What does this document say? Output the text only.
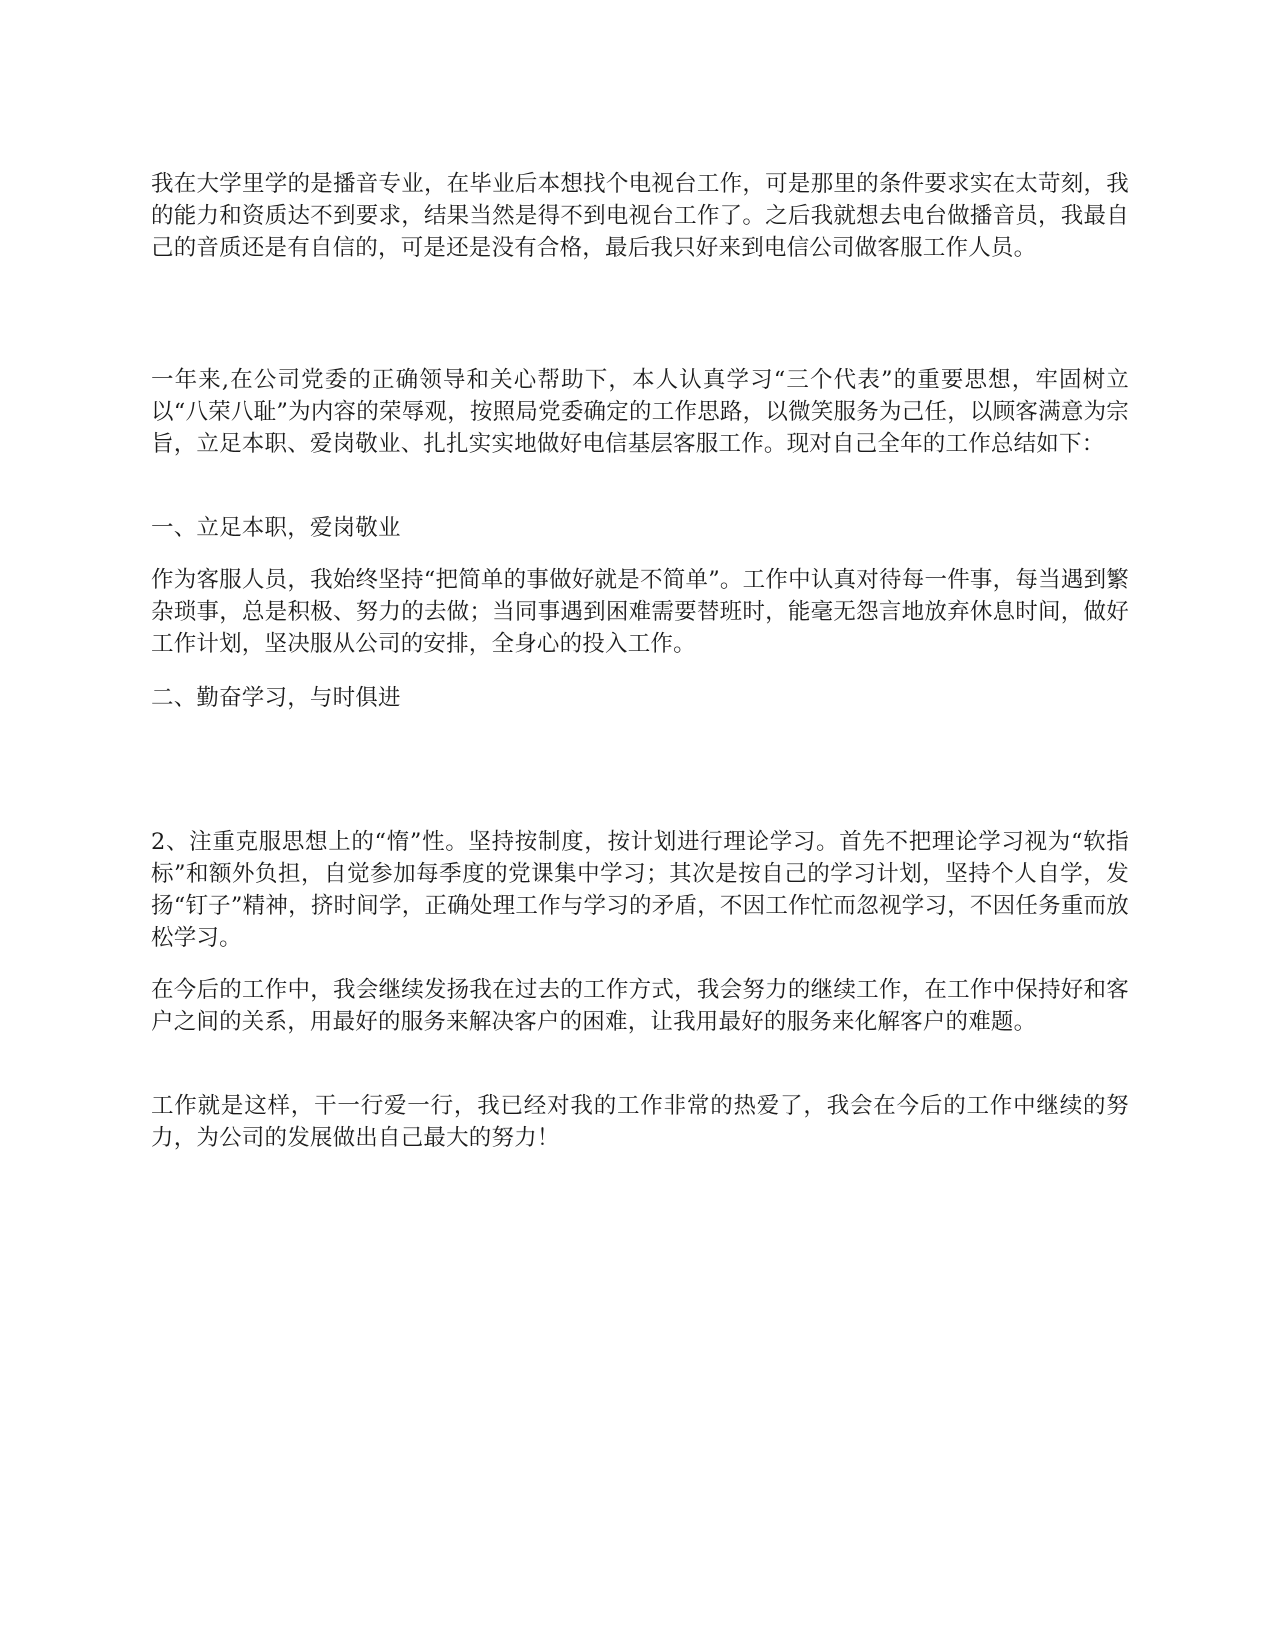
我在大学里学的是播音专业，在毕业后本想找个电视台工作，可是那里的条件要求实在太苛刻，我的能力和资质达不到要求，结果当然是得不到电视台工作了。之后我就想去电台做播音员，我最自己的音质还是有自信的，可是还是没有合格，最后我只好来到电信公司做客服工作人员。

一年来,在公司党委的正确领导和关心帮助下，本人认真学习“三个代表”的重要思想，牢固树立以“八荣八耻”为内容的荣辱观，按照局党委确定的工作思路，以微笑服务为己任，以顾客满意为宗旨，立足本职、爱岗敬业、扎扎实实地做好电信基层客服工作。现对自己全年的工作总结如下：

一、立足本职，爱岗敬业

作为客服人员，我始终坚持“把简单的事做好就是不简单”。工作中认真对待每一件事，每当遇到繁杂琐事，总是积极、努力的去做；当同事遇到困难需要替班时，能毫无怨言地放弃休息时间，做好工作计划，坚决服从公司的安排，全身心的投入工作。

二、勤奋学习，与时俱进

2、注重克服思想上的“惰”性。坚持按制度，按计划进行理论学习。首先不把理论学习视为“软指标”和额外负担，自觉参加每季度的党课集中学习；其次是按自己的学习计划，坚持个人自学，发扬“钉子”精神，挤时间学，正确处理工作与学习的矛盾，不因工作忙而忽视学习，不因任务重而放松学习。

在今后的工作中，我会继续发扬我在过去的工作方式，我会努力的继续工作，在工作中保持好和客户之间的关系，用最好的服务来解决客户的困难，让我用最好的服务来化解客户的难题。

工作就是这样，干一行爱一行，我已经对我的工作非常的热爱了，我会在今后的工作中继续的努力，为公司的发展做出自己最大的努力！
